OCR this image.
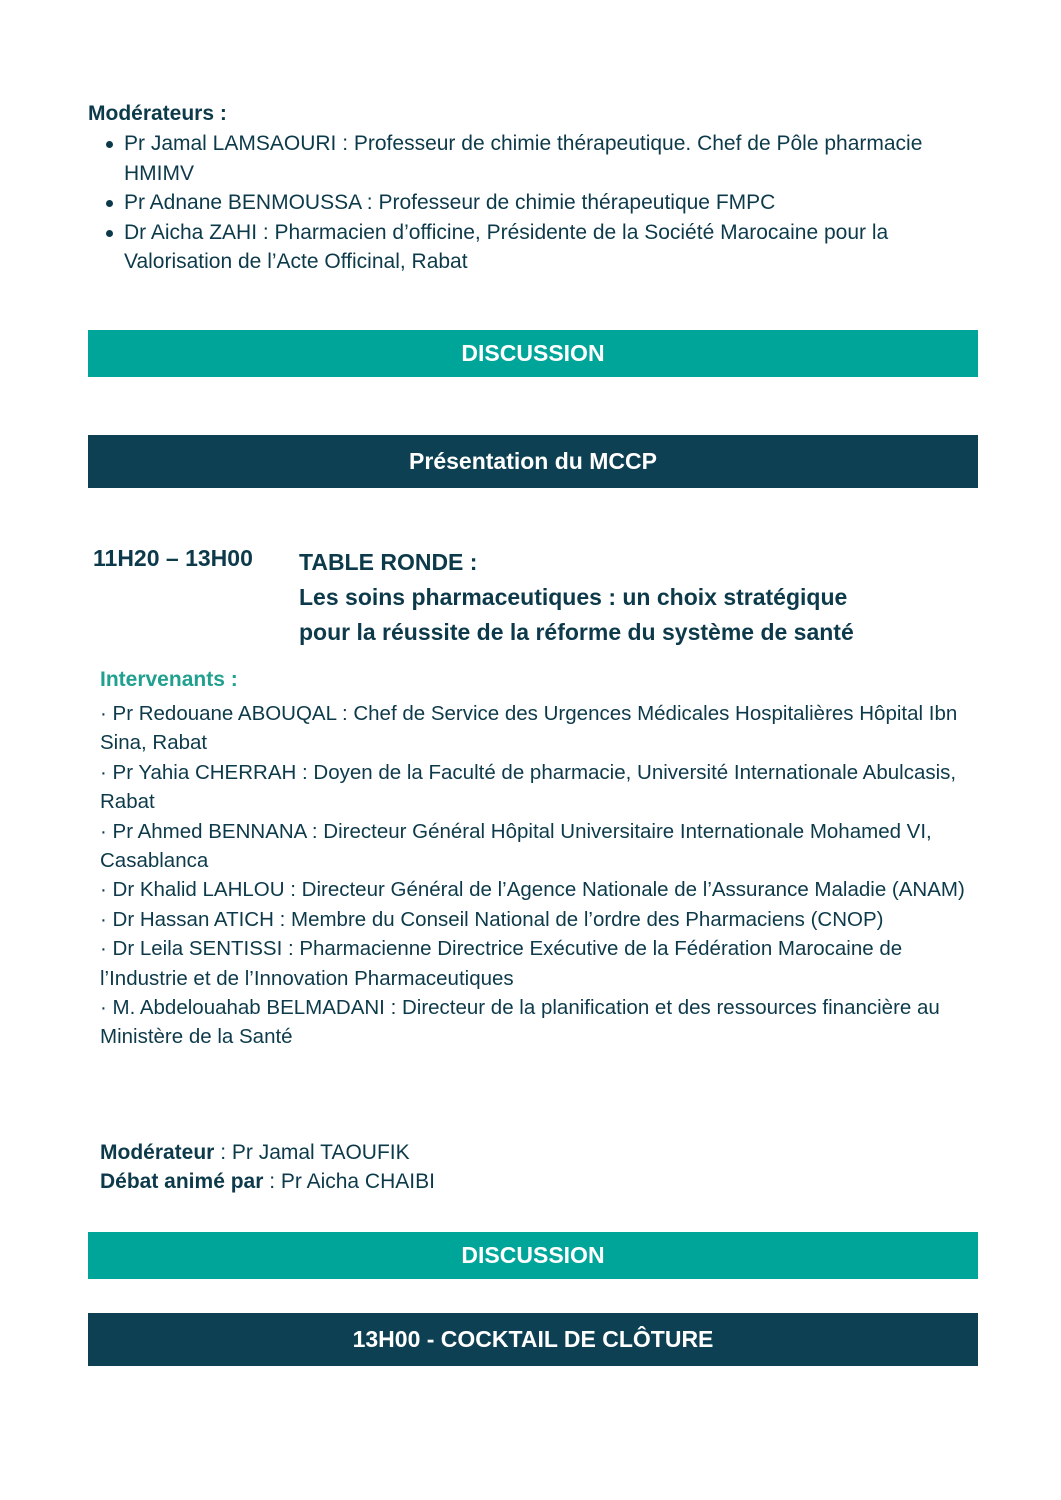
Modérateurs :
Pr Jamal LAMSAOURI : Professeur de chimie thérapeutique. Chef de Pôle pharmacie HMIMV
Pr Adnane BENMOUSSA : Professeur de chimie thérapeutique FMPC
Dr Aicha ZAHI : Pharmacien d’officine, Présidente de la Société Marocaine pour la Valorisation de l’Acte Officinal, Rabat
DISCUSSION
Présentation du MCCP
11H20 – 13H00 TABLE RONDE :
Les soins pharmaceutiques : un choix stratégique
pour la réussite de la réforme du système de santé
Intervenants :

· Pr Redouane ABOUQAL : Chef de Service des Urgences Médicales Hospitalières Hôpital Ibn Sina, Rabat

· Pr Yahia CHERRAH : Doyen de la Faculté de pharmacie, Université Internationale Abulcasis, Rabat

· Pr Ahmed BENNANA : Directeur Général Hôpital Universitaire Internationale Mohamed VI, Casablanca

· Dr Khalid LAHLOU : Directeur Général de l’Agence Nationale de l’Assurance Maladie (ANAM)

· Dr Hassan ATICH : Membre du Conseil National de l’ordre des Pharmaciens (CNOP)

· Dr Leila SENTISSI : Pharmacienne Directrice Exécutive de la Fédération Marocaine de l’Industrie et de l’Innovation Pharmaceutiques

· M. Abdelouahab BELMADANI : Directeur de la planification et des ressources financière au Ministère de la Santé

Modérateur : Pr Jamal TAOUFIK
Débat animé par : Pr Aicha CHAIBI
DISCUSSION
13H00 - COCKTAIL DE CLÔTURE
